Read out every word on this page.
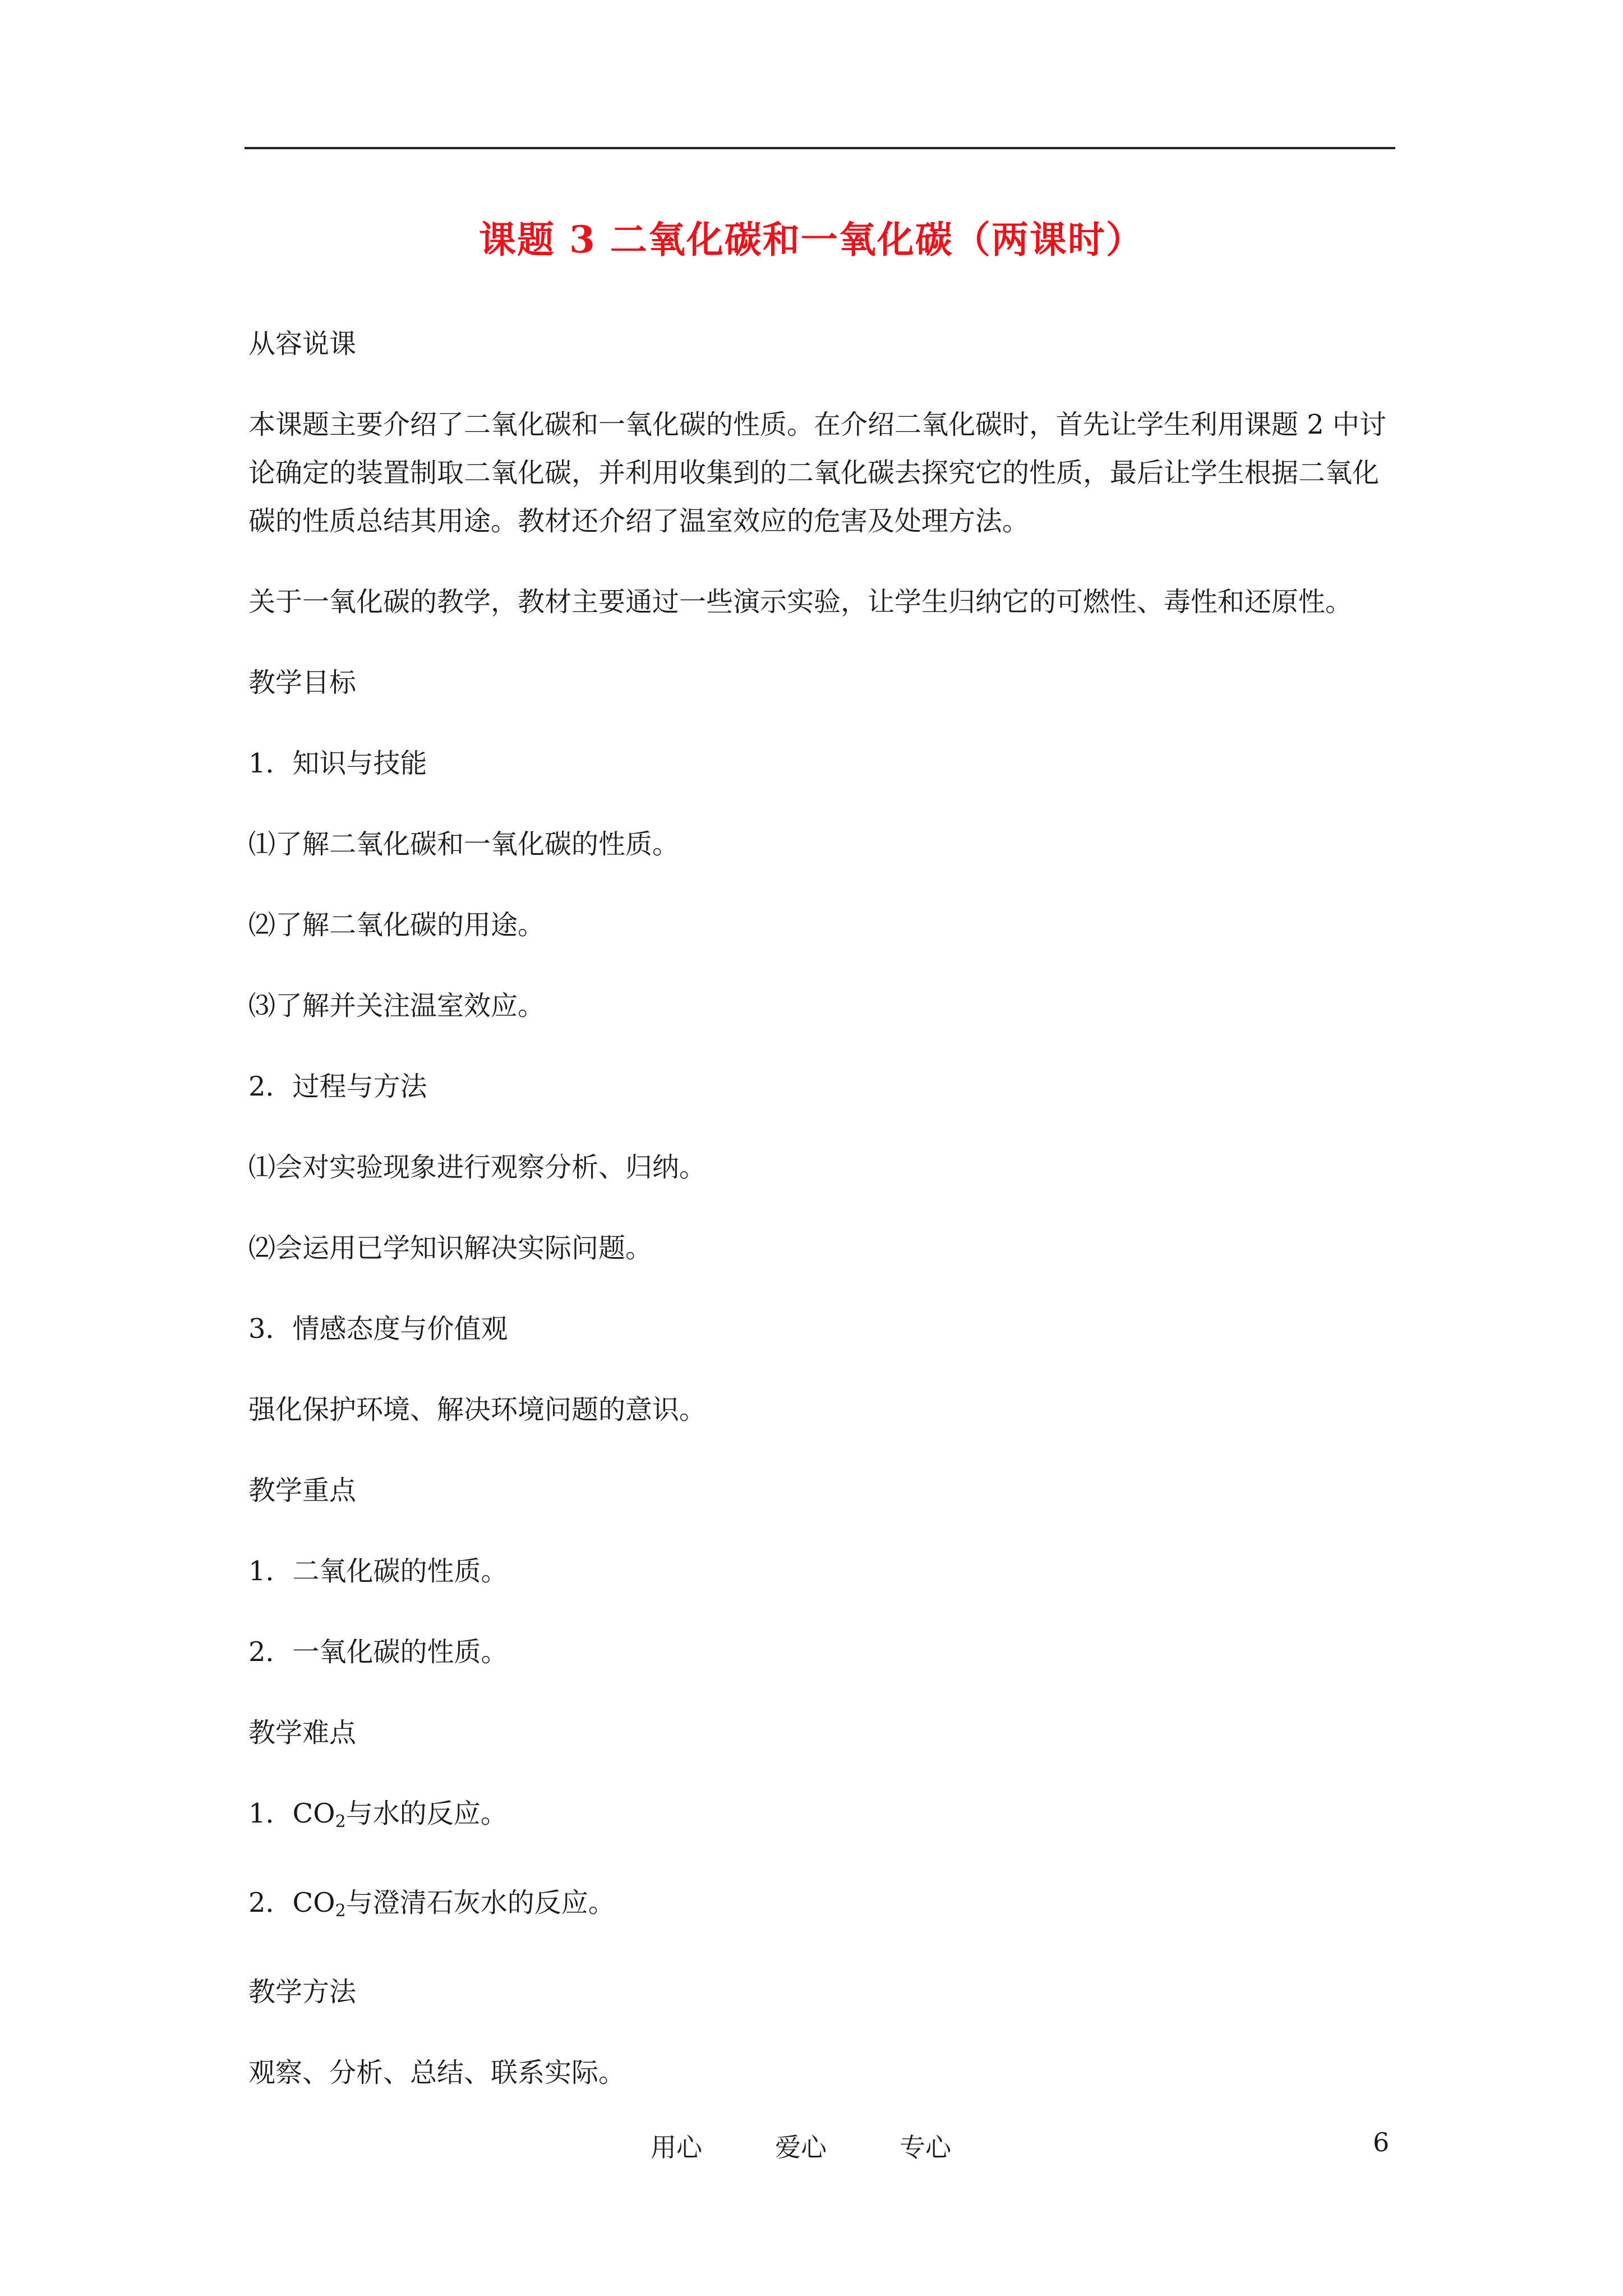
课题 3 二氧化碳和一氧化碳（两课时）

从容说课

本课题主要介绍了二氧化碳和一氧化碳的性质。在介绍二氧化碳时，首先让学生利用课题 2 中讨论确定的装置制取二氧化碳，并利用收集到的二氧化碳去探究它的性质，最后让学生根据二氧化碳的性质总结其用途。教材还介绍了温室效应的危害及处理方法。

关于一氧化碳的教学，教材主要通过一些演示实验，让学生归纳它的可燃性、毒性和还原性。

教学目标

1．知识与技能

⑴了解二氧化碳和一氧化碳的性质。

⑵了解二氧化碳的用途。

⑶了解并关注温室效应。

2．过程与方法

⑴会对实验现象进行观察分析、归纳。

⑵会运用已学知识解决实际问题。

3．情感态度与价值观

强化保护环境、解决环境问题的意识。

教学重点

1．二氧化碳的性质。

2．一氧化碳的性质。

教学难点

1．$CO_2$与水的反应。

2．$CO_2$与澄清石灰水的反应。

教学方法

观察、分析、总结、联系实际。

用心	爱心	专心	6
